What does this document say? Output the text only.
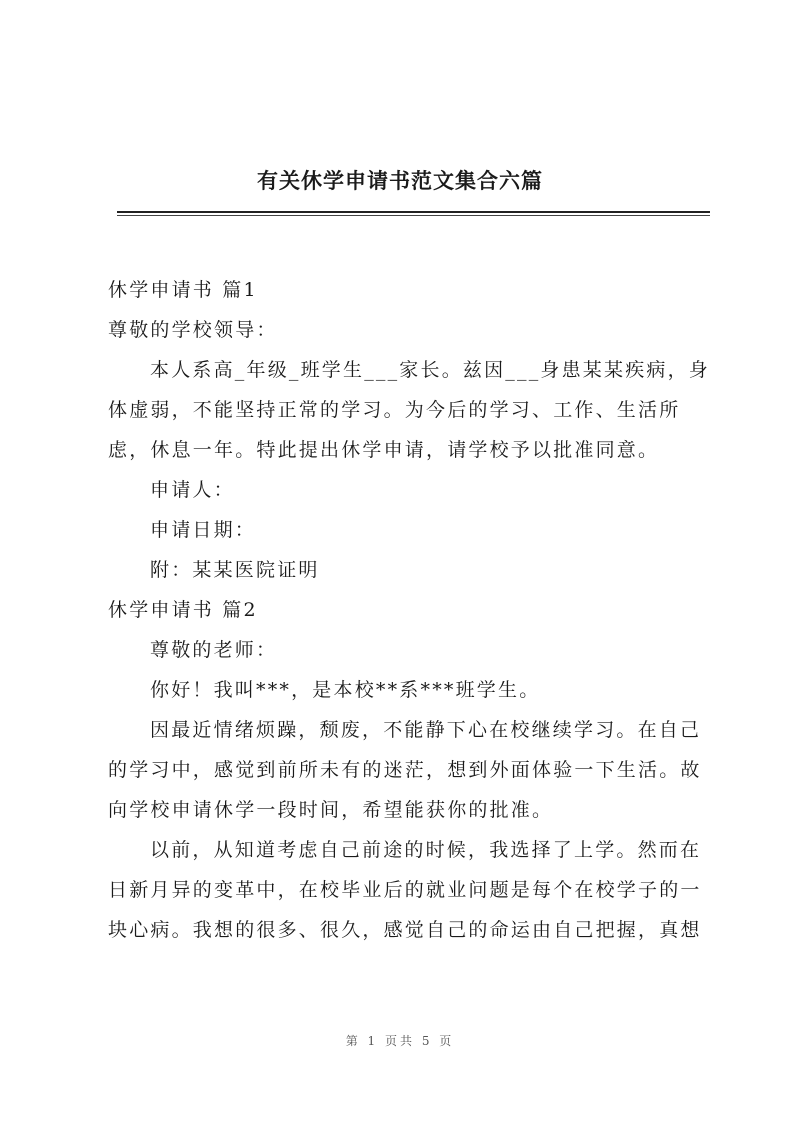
有关休学申请书范文集合六篇
休学申请书 篇1
尊敬的学校领导：
本人系高_年级_班学生___家长。兹因___身患某某疾病，身
体虚弱，不能坚持正常的学习。为今后的学习、工作、生活所
虑，休息一年。特此提出休学申请，请学校予以批准同意。
申请人：
申请日期：
附：某某医院证明
休学申请书 篇2
尊敬的老师：
你好！我叫***，是本校**系***班学生。
因最近情绪烦躁，颓废，不能静下心在校继续学习。在自己
的学习中，感觉到前所未有的迷茫，想到外面体验一下生活。故
向学校申请休学一段时间，希望能获你的批准。
以前，从知道考虑自己前途的时候，我选择了上学。然而在
日新月异的变革中，在校毕业后的就业问题是每个在校学子的一
块心病。我想的很多、很久，感觉自己的命运由自己把握，真想
第 1 页共 5 页
